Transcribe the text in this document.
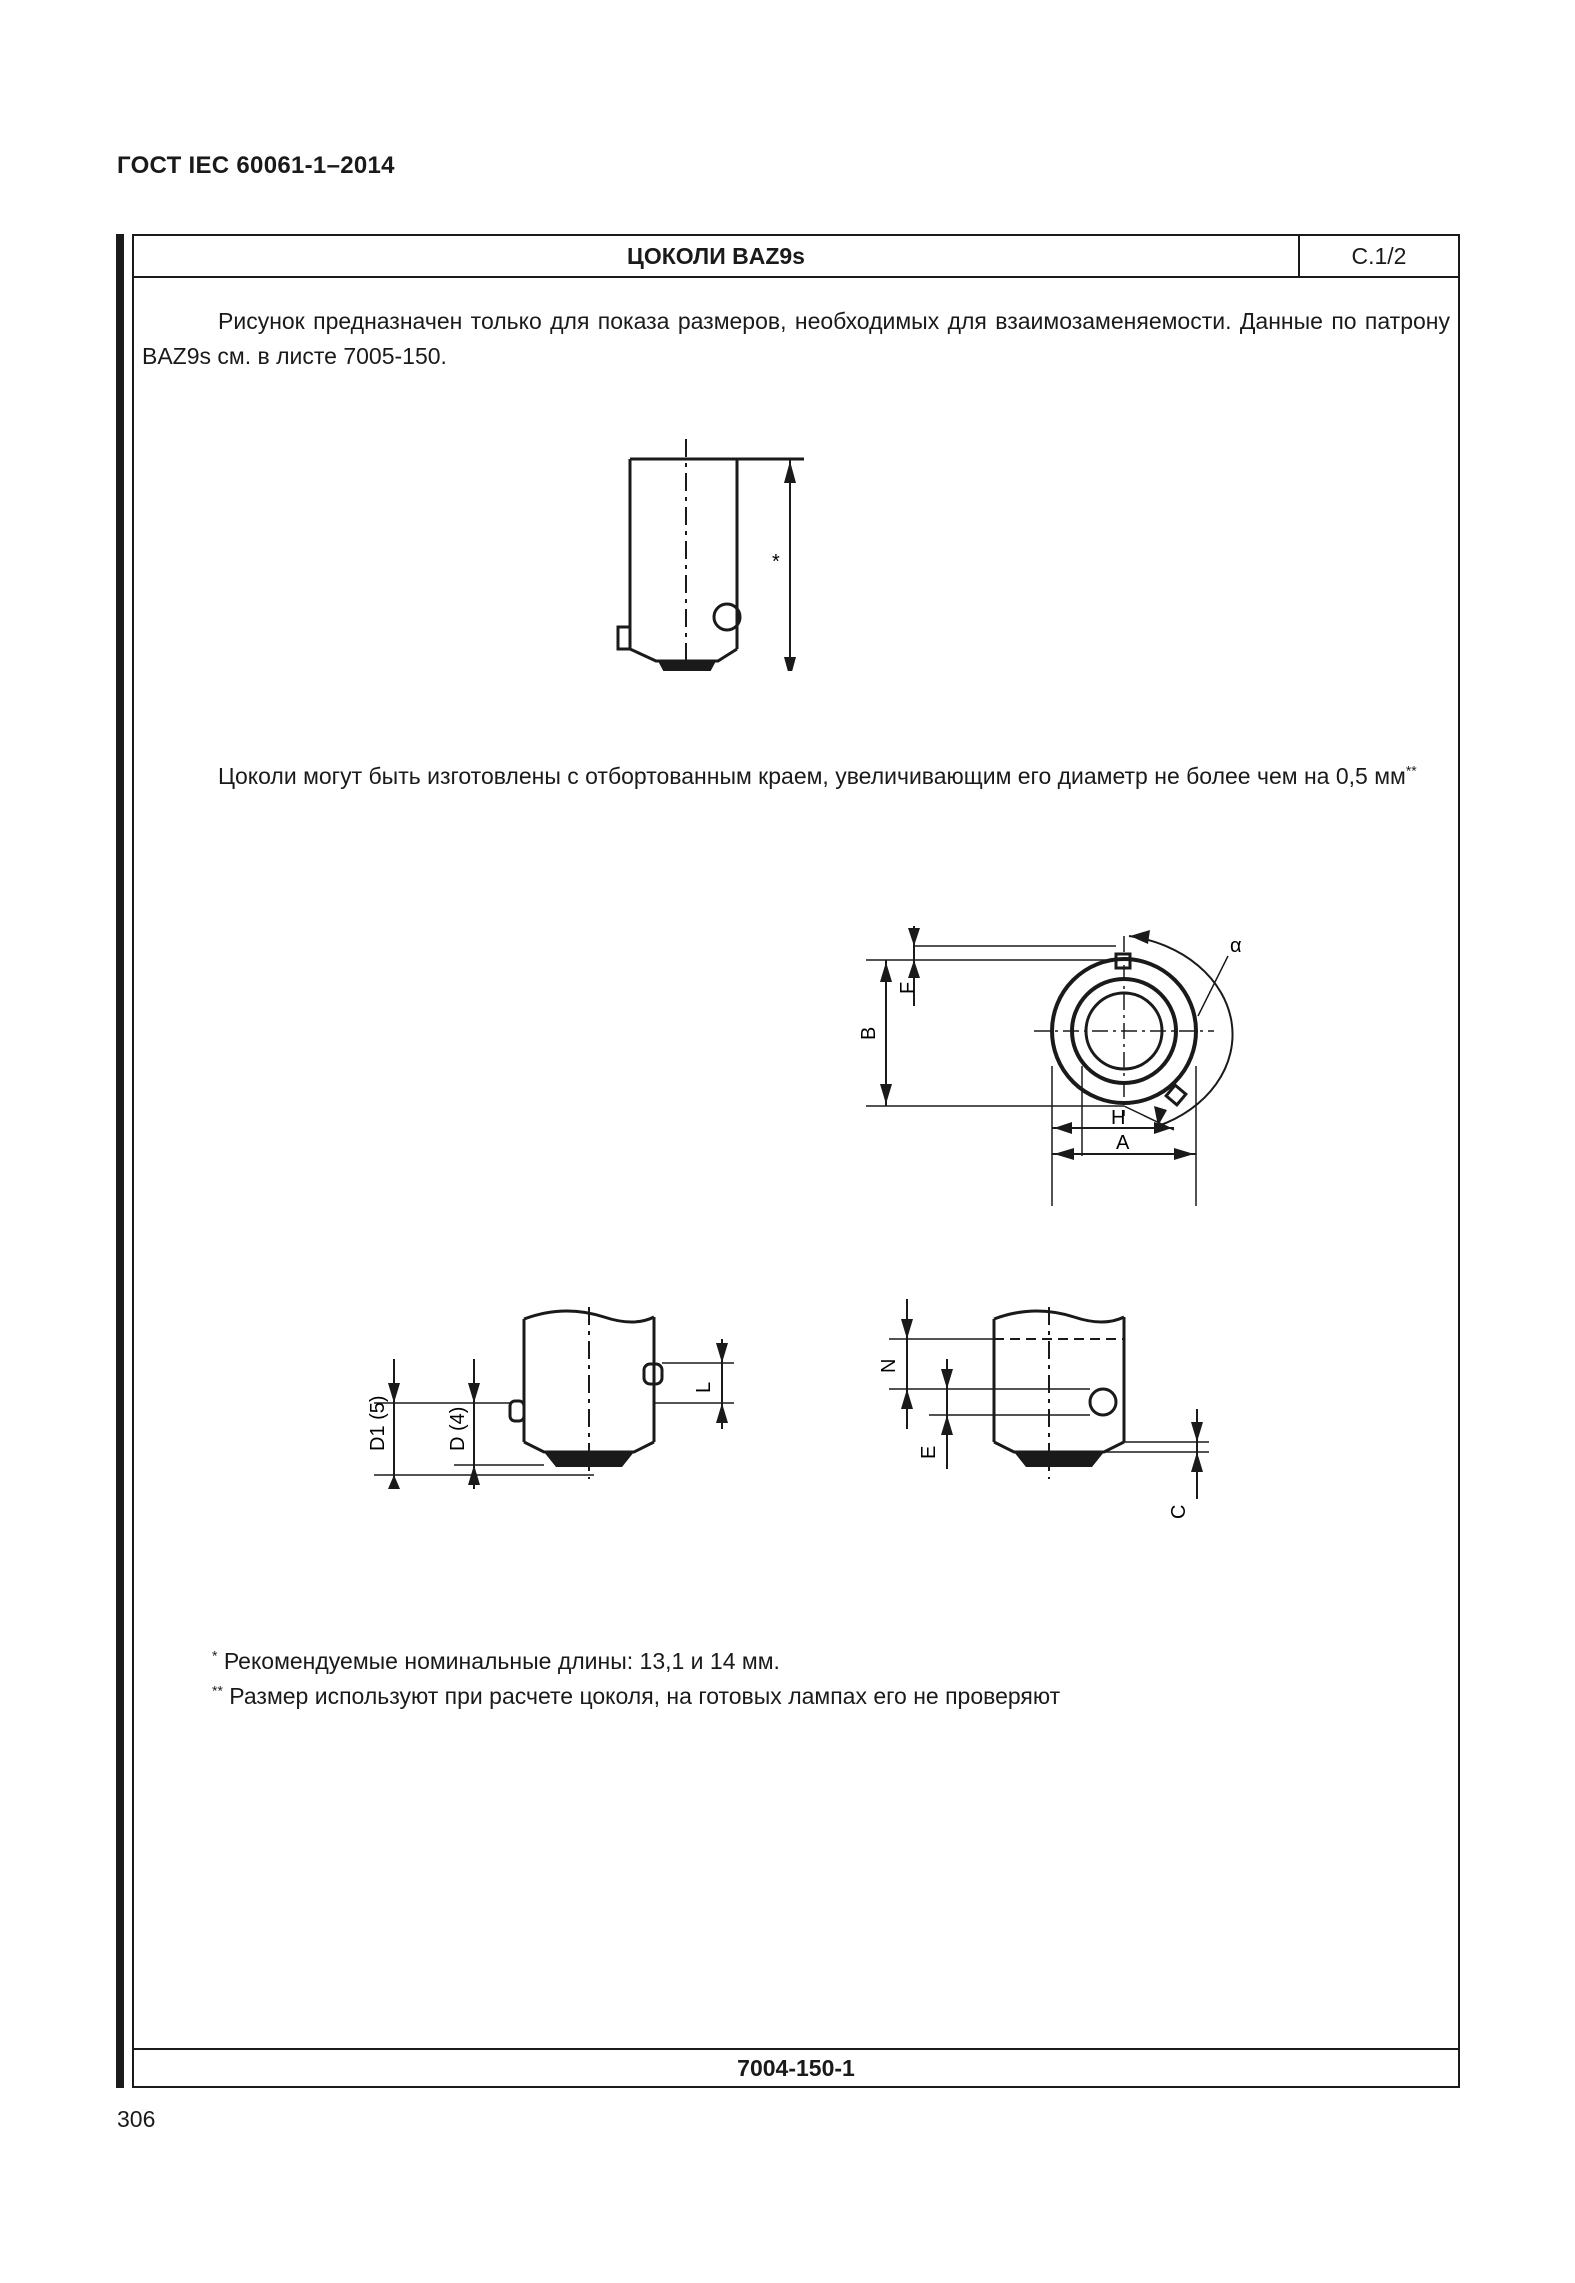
ГОСТ IEC 60061-1–2014
ЦОКОЛИ BAZ9s	С.1/2
Рисунок предназначен только для показа размеров, необходимых для взаимозаменяемости. Данные по патрону BAZ9s см. в листе 7005-150.
*
Цоколи могут быть изготовлены с отбортованным краем, увеличивающим его диаметр не более чем на 0,5 мм**
B
F
α
H
A
D1 (5)	D (4)
L
N
E
C
* Рекомендуемые номинальные длины: 13,1 и 14 мм.
** Размер используют при расчете цоколя, на готовых лампах его не проверяют
7004-150-1
306
